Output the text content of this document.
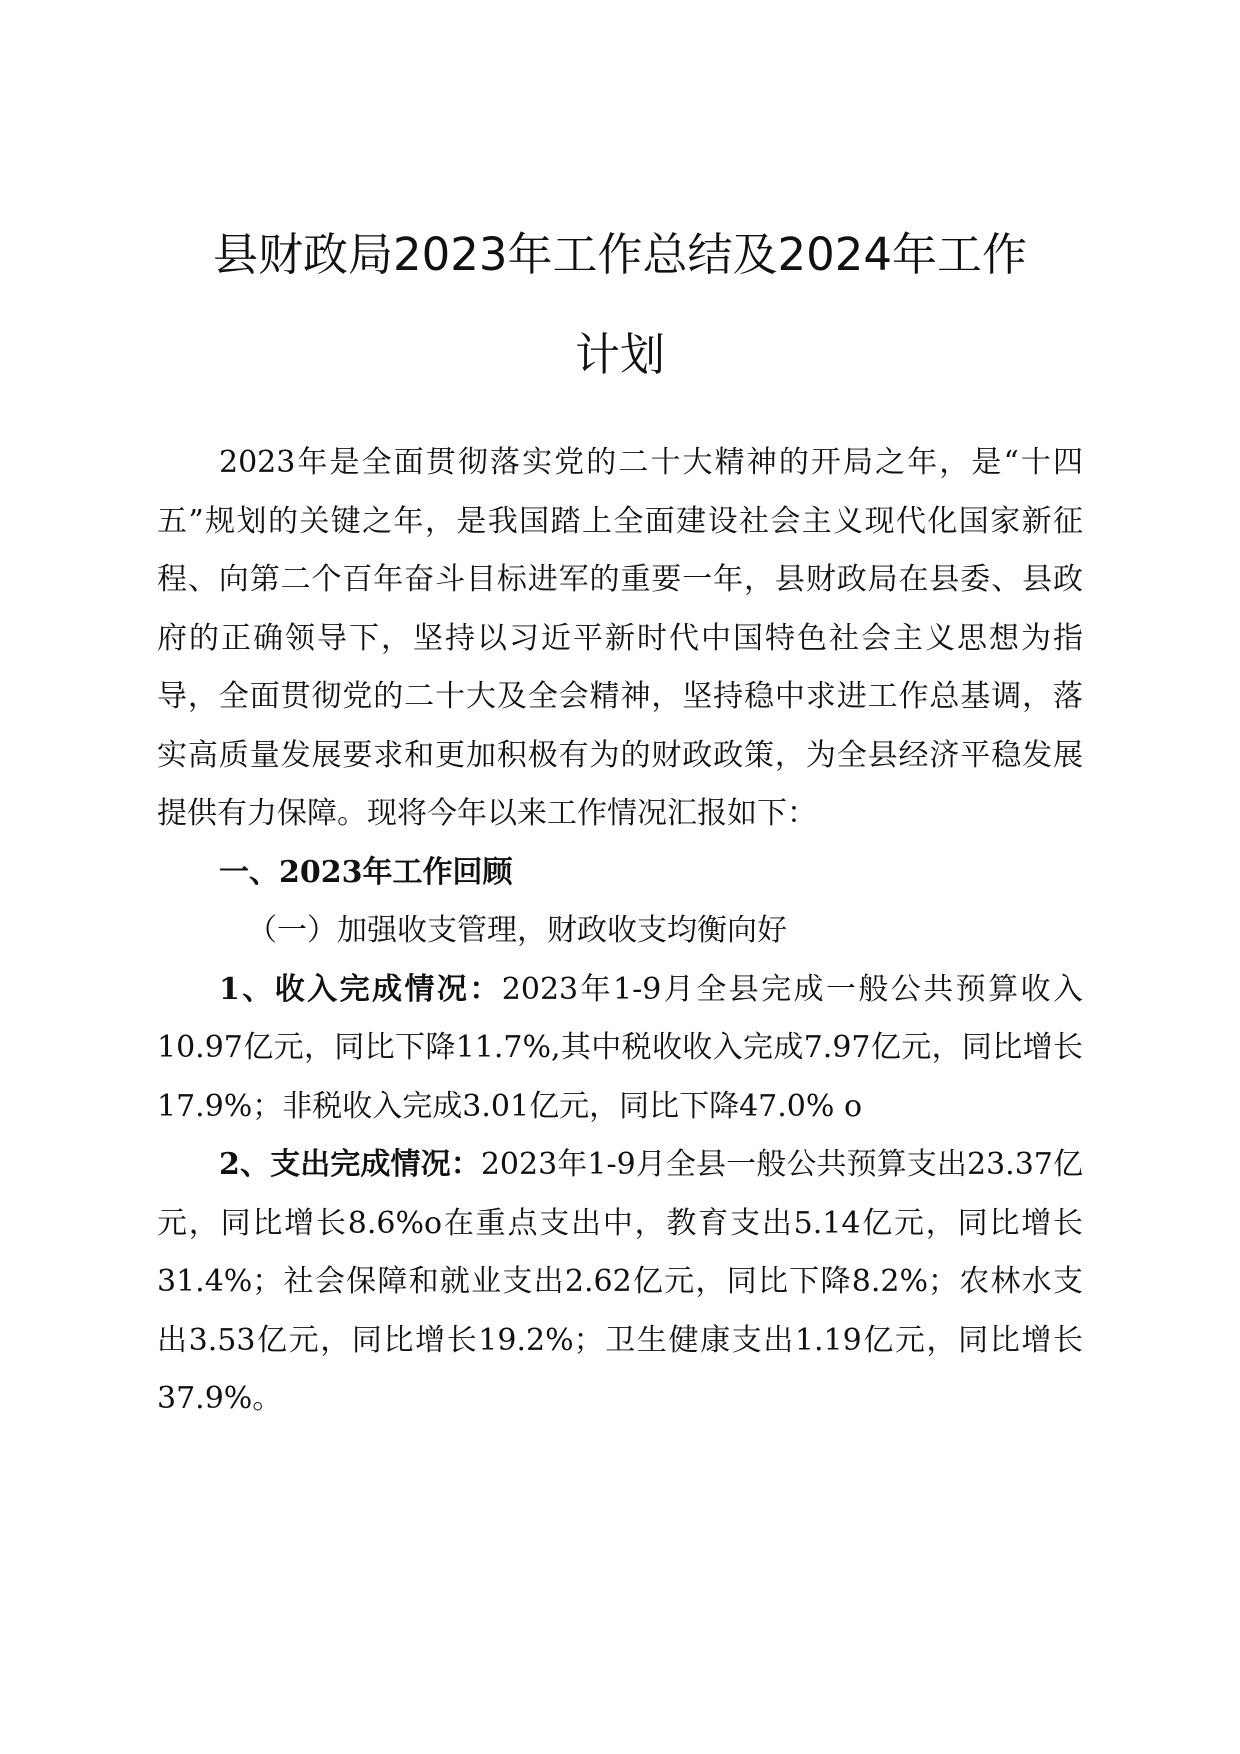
县财政局2023年工作总结及2024年工作
计划

2023年是全面贯彻落实党的二十大精神的开局之年，是“十四五”规划的关键之年，是我国踏上全面建设社会主义现代化国家新征程、向第二个百年奋斗目标进军的重要一年，县财政局在县委、县政府的正确领导下，坚持以习近平新时代中国特色社会主义思想为指导，全面贯彻党的二十大及全会精神，坚持稳中求进工作总基调，落实高质量发展要求和更加积极有为的财政政策，为全县经济平稳发展提供有力保障。现将今年以来工作情况汇报如下：

一、2023年工作回顾

（一）加强收支管理，财政收支均衡向好

1、收入完成情况：2023年1-9月全县完成一般公共预算收入10.97亿元，同比下降11.7%,其中税收收入完成7.97亿元，同比增长17.9%；非税收入完成3.01亿元，同比下降47.0% o

2、支出完成情况：2023年1-9月全县一般公共预算支出23.37亿元，同比增长8.6%o在重点支出中，教育支出5.14亿元，同比增长31.4%；社会保障和就业支出2.62亿元，同比下降8.2%；农林水支出3.53亿元，同比增长19.2%；卫生健康支出1.19亿元，同比增长37.9%。
